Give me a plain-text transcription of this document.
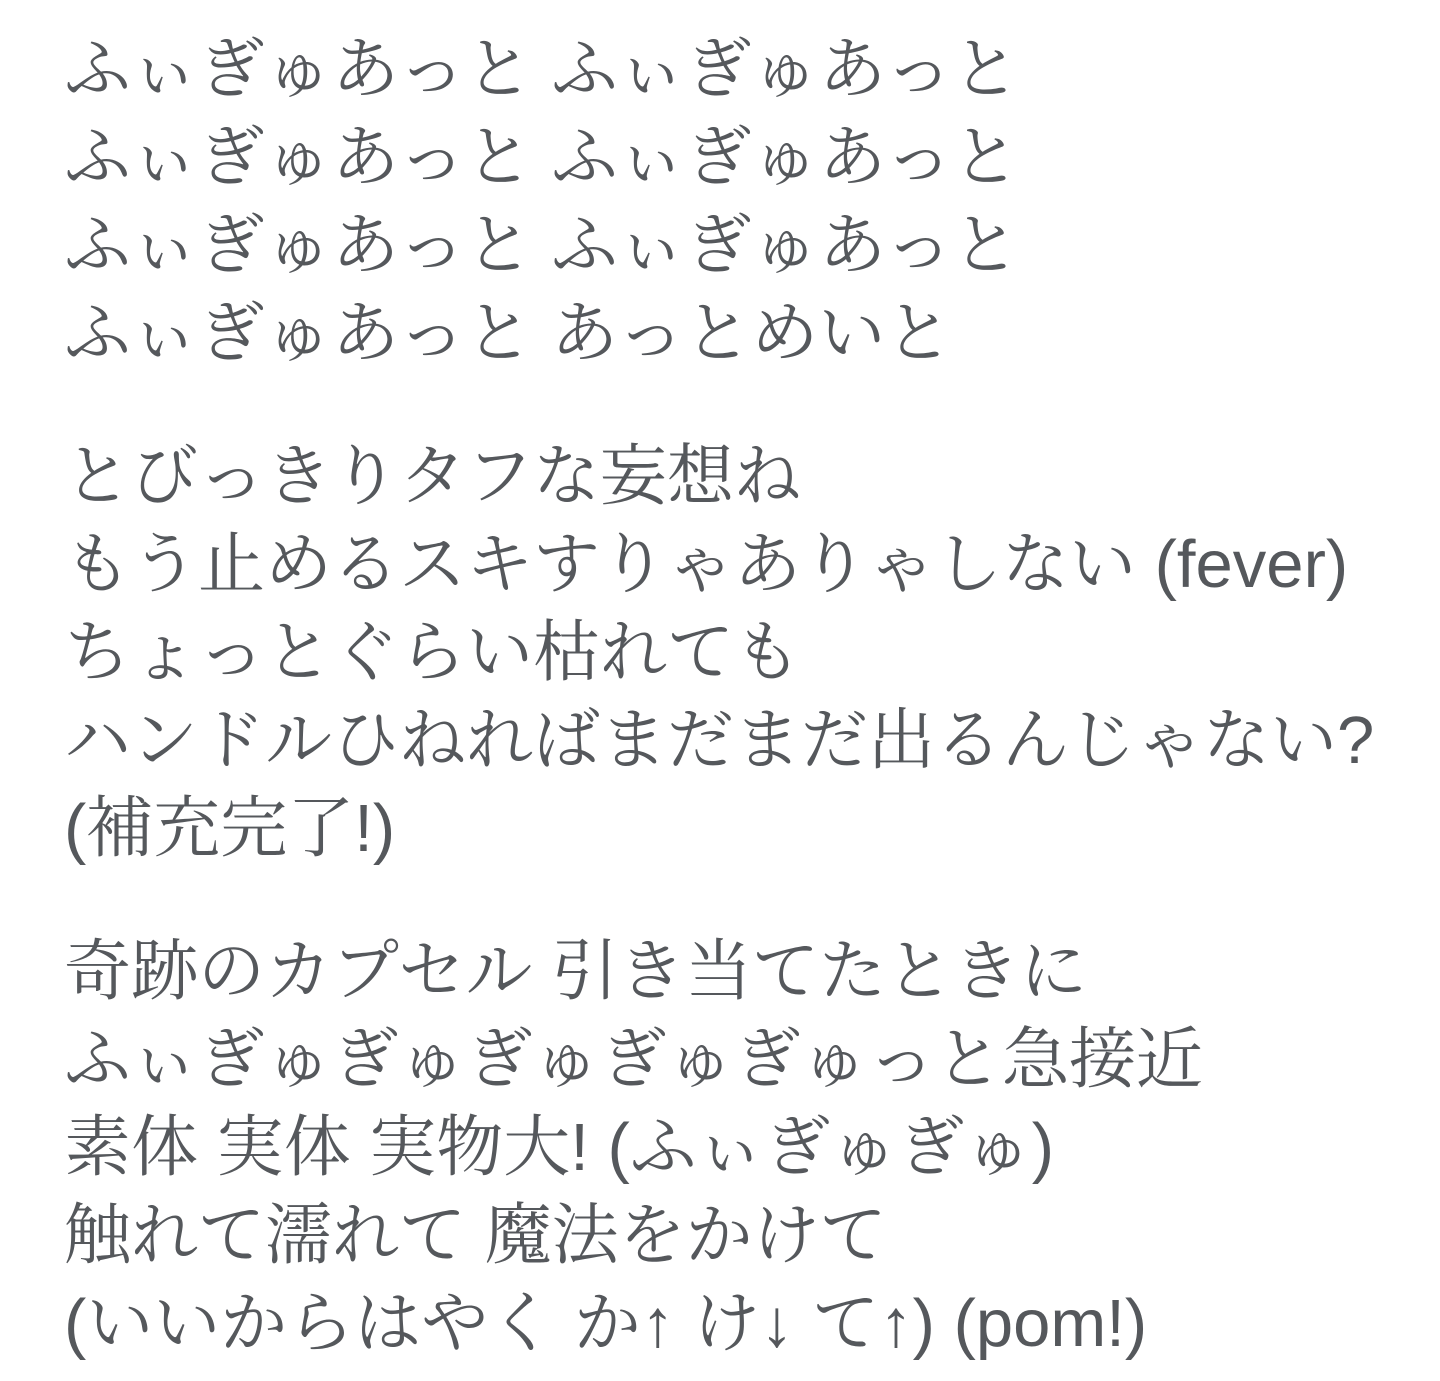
ふぃぎゅあっと ふぃぎゅあっと

ふぃぎゅあっと ふぃぎゅあっと

ふぃぎゅあっと ふぃぎゅあっと

ふぃぎゅあっと あっとめいと

とびっきりタフな妄想ね

もう止めるスキすりゃありゃしない (fever)

ちょっとぐらい枯れても

ハンドルひねればまだまだ出るんじゃない? (補充完了!)

奇跡のカプセル 引き当てたときに

ふぃぎゅぎゅぎゅぎゅぎゅっと急接近

素体 実体 実物大! (ふぃぎゅぎゅ)

触れて濡れて 魔法をかけて

(いいからはやく か↑ け↓ て↑) (pom!)
